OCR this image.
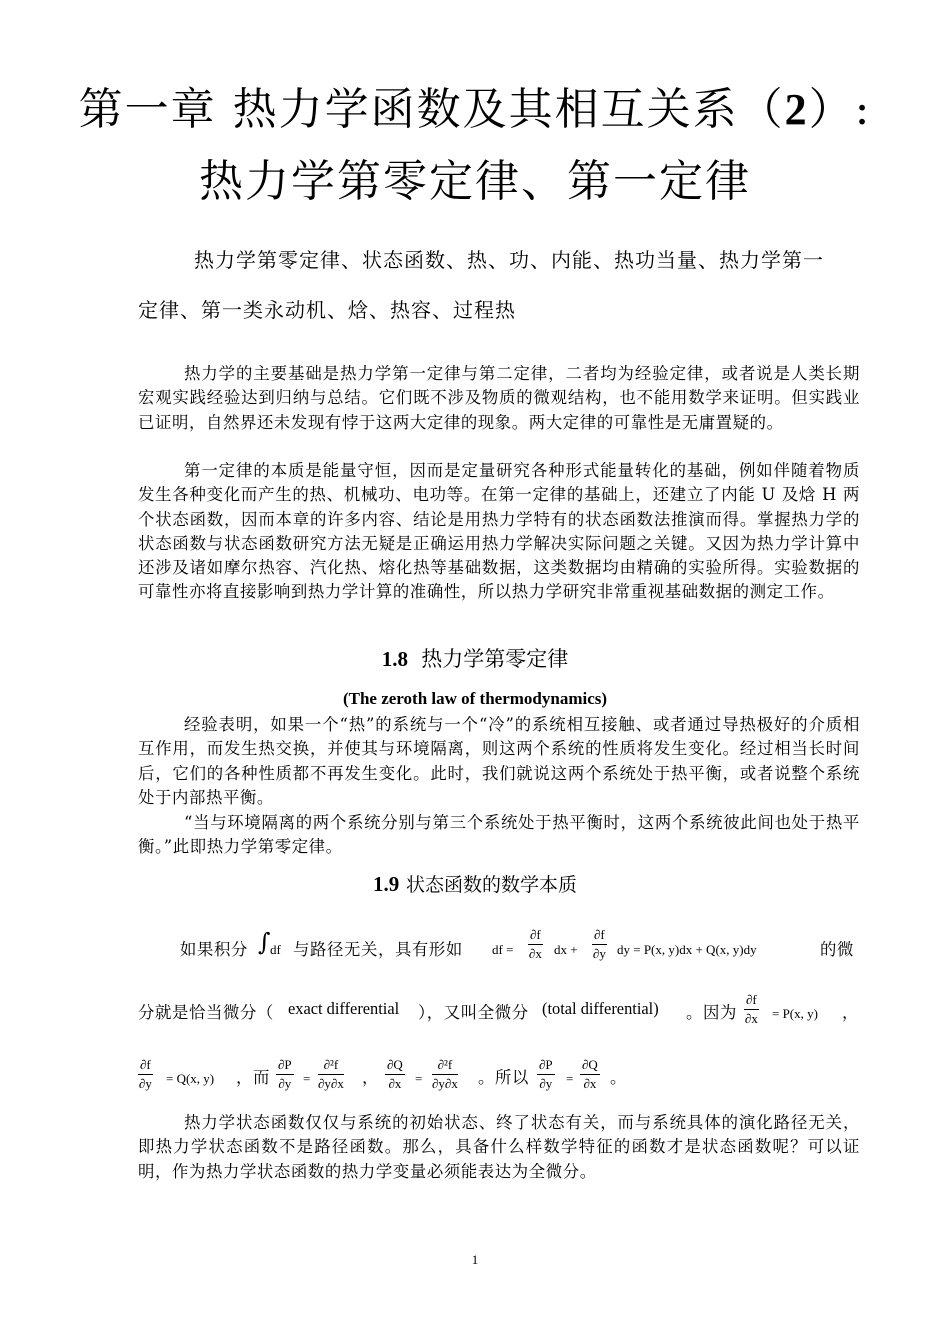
第一章 热力学函数及其相互关系（2）:
热力学第零定律、第一定律
热力学第零定律、状态函数、热、功、内能、热功当量、热力学第一
定律、第一类永动机、焓、热容、过程热
热力学的主要基础是热力学第一定律与第二定律，二者均为经验定律，或者说是人类长期宏观实践经验达到归纳与总结。它们既不涉及物质的微观结构，也不能用数学来证明。但实践业已证明，自然界还未发现有悖于这两大定律的现象。两大定律的可靠性是无庸置疑的。
第一定律的本质是能量守恒，因而是定量研究各种形式能量转化的基础，例如伴随着物质发生各种变化而产生的热、机械功、电功等。在第一定律的基础上，还建立了内能 U 及焓 H 两个状态函数，因而本章的许多内容、结论是用热力学特有的状态函数法推演而得。掌握热力学的状态函数与状态函数研究方法无疑是正确运用热力学解决实际问题之关键。又因为热力学计算中还涉及诸如摩尔热容、汽化热、熔化热等基础数据，这类数据均由精确的实验所得。实验数据的可靠性亦将直接影响到热力学计算的准确性，所以热力学研究非常重视基础数据的测定工作。
1.8 热力学第零定律
(The zeroth law of thermodynamics)
经验表明，如果一个“热”的系统与一个“冷”的系统相互接触、或者通过导热极好的介质相互作用，而发生热交换，并使其与环境隔离，则这两个系统的性质将发生变化。经过相当长时间后，它们的各种性质都不再发生变化。此时，我们就说这两个系统处于热平衡，或者说整个系统处于内部热平衡。
“当与环境隔离的两个系统分别与第三个系统处于热平衡时，这两个系统彼此间也处于热平衡。”此即热力学第零定律。
1.9 状态函数的数学本质
如果积分 ∫ df 与路径无关，具有形如 df = $\frac{\partial f}{\partial x}$ dx + $\frac{\partial f}{\partial y}$ dy = P(x, y)dx + Q(x, y)dy	的微
分就是恰当微分（ exact differential ），又叫全微分 (total differential) 。因为 $\frac{\partial f}{\partial x} = P(x$, y) ，
$\frac{\partial f}{\partial y} = Q(x$, y) ，而 $\frac{\partial P}{\partial y} = \frac{\text{∂²f}}{\partial y\partial x}$ ， $\frac{\partial Q}{\partial x} = \frac{\text{∂²f}}{\partial y\partial x}$ 。所以 $\frac{\partial P}{\partial y} = \frac{\partial Q}{\partial x}$ 。
热力学状态函数仅仅与系统的初始状态、终了状态有关，而与系统具体的演化路径无关，即热力学状态函数不是路径函数。那么，具备什么样数学特征的函数才是状态函数呢？可以证明，作为热力学状态函数的热力学变量必须能表达为全微分。
1
